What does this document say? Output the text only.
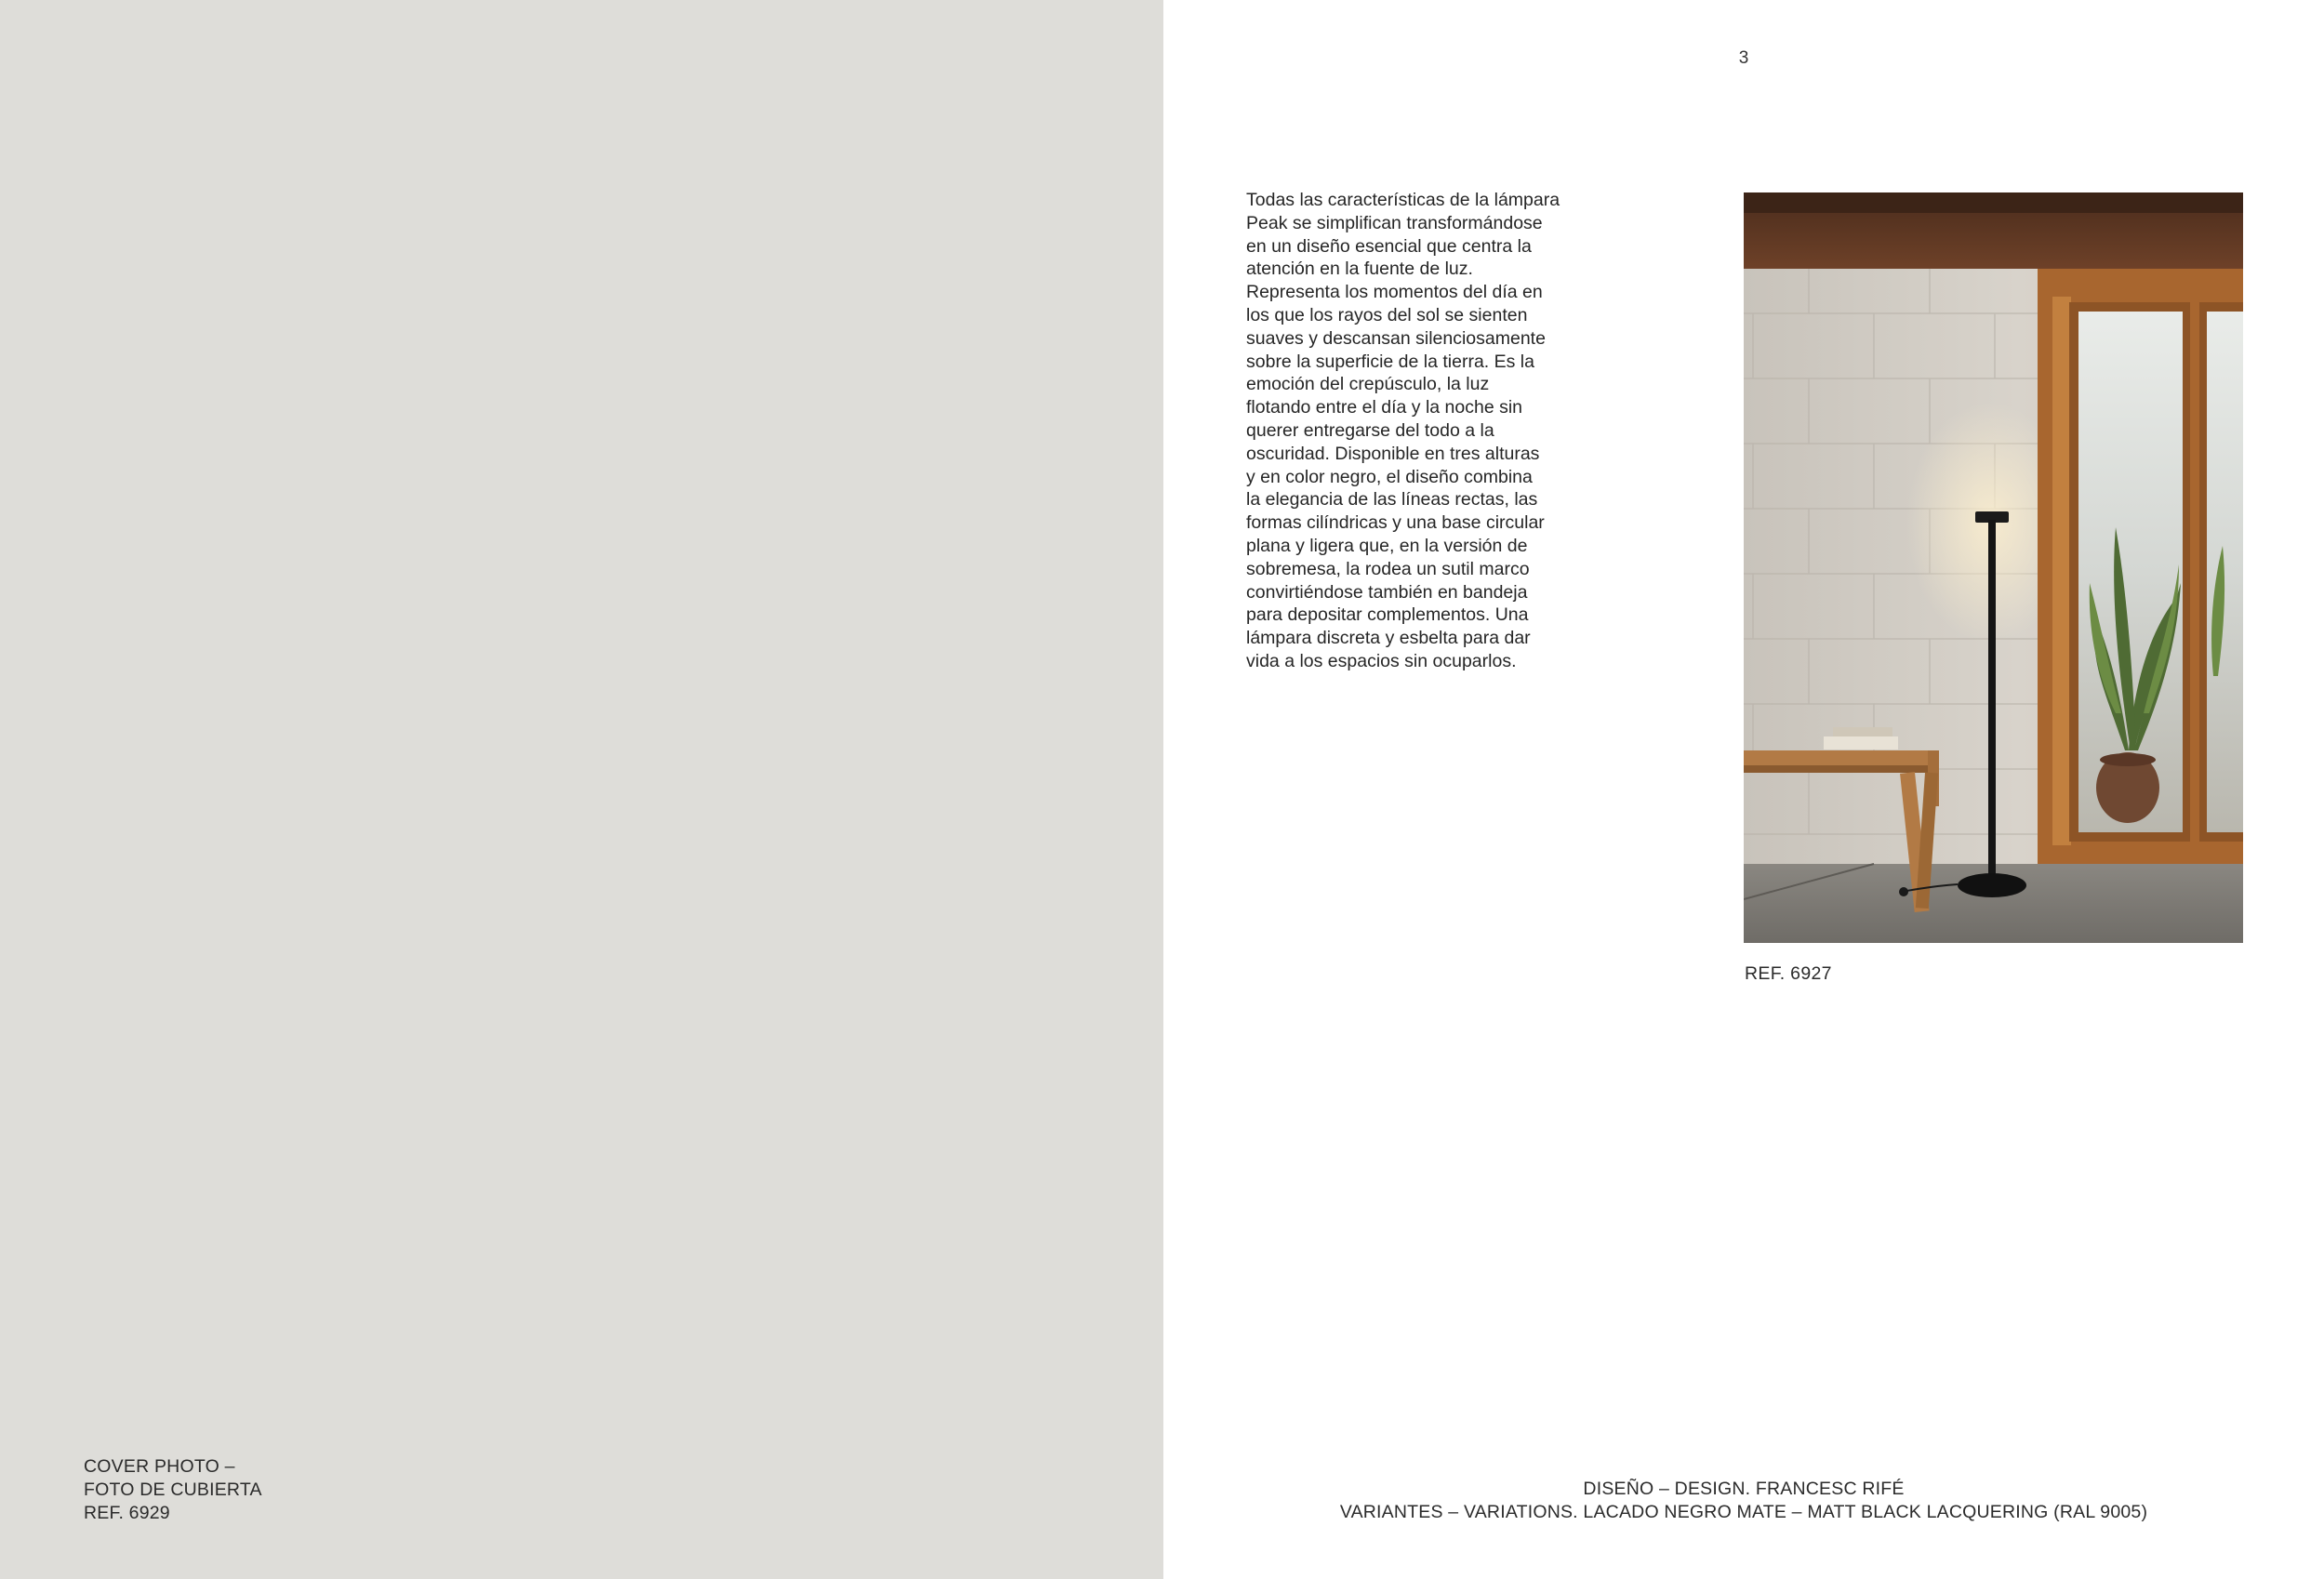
COVER PHOTO –
FOTO DE CUBIERTA
REF. 6929
3
Todas las características de la lámpara
Peak se simplifican transformándose
en un diseño esencial que centra la
atención en la fuente de luz.
Representa los momentos del día en
los que los rayos del sol se sienten
suaves y descansan silenciosamente
sobre la superficie de la tierra. Es la
emoción del crepúsculo, la luz
flotando entre el día y la noche sin
querer entregarse del todo a la
oscuridad. Disponible en tres alturas
y en color negro, el diseño combina
la elegancia de las líneas rectas, las
formas cilíndricas y una base circular
plana y ligera que, en la versión de
sobremesa, la rodea un sutil marco
convirtiéndose también en bandeja
para depositar complementos. Una
lámpara discreta y esbelta para dar
vida a los espacios sin ocuparlos.
REF. 6927
DISEÑO – DESIGN. FRANCESC RIFÉ
VARIANTES – VARIATIONS. LACADO NEGRO MATE – MATT BLACK LACQUERING (RAL 9005)
